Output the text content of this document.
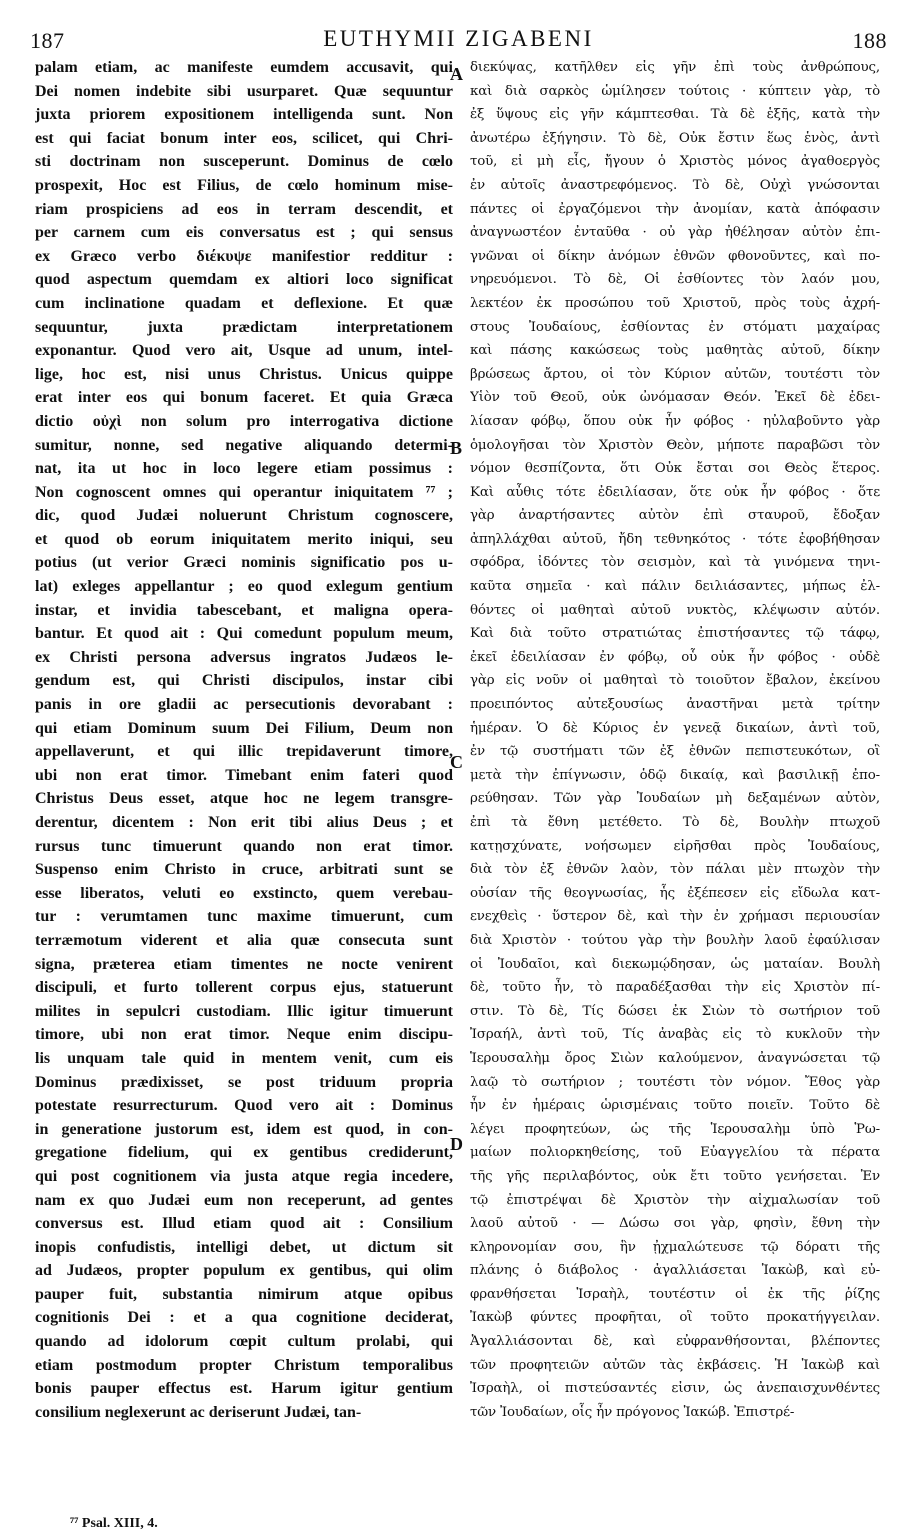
187	EUTHYMII ZIGABENI	188
palam etiam, ac manifeste eumdem accusavit, qui
Dei nomen indebite sibi usurparet. Quæ sequuntur
juxta priorem expositionem intelligenda sunt. Non
est qui faciat bonum inter eos, scilicet, qui Chri-
sti doctrinam non susceperunt. Dominus de cœlo
prospexit, Hoc est Filius, de cœlo hominum mise-
riam prospiciens ad eos in terram descendit, et
per carnem cum eis conversatus est ; qui sensus
ex Græco verbo διέκυψε manifestior redditur :
quod aspectum quemdam ex altiori loco significat
cum inclinatione quadam et deflexione. Et quæ
sequuntur, juxta prædictam interpretationem
exponantur. Quod vero ait, Usque ad unum, intel-
lige, hoc est, nisi unus Christus. Unicus quippe
erat inter eos qui bonum faceret. Et quia Græca
dictio οὐχὶ non solum pro interrogativa dictione
sumitur, nonne, sed negative aliquando determi-
nat, ita ut hoc in loco legere etiam possimus :
Non cognoscent omnes qui operantur iniquitatem ⁷⁷ ;
dic, quod Judæi noluerunt Christum cognoscere,
et quod ob eorum iniquitatem merito iniqui, seu
potius (ut verior Græci nominis significatio pos u-
lat) exleges appellantur ; eo quod exlegum gentium
instar, et invidia tabescebant, et maligna opera-
bantur. Et quod ait : Qui comedunt populum meum,
ex Christi persona adversus ingratos Judæos le-
gendum est, qui Christi discipulos, instar cibi
panis in ore gladii ac persecutionis devorabant :
qui etiam Dominum suum Dei Filium, Deum non
appellaverunt, et qui illic trepidaverunt timore,
ubi non erat timor. Timebant enim fateri quod
Christus Deus esset, atque hoc ne legem transgre-
derentur, dicentem : Non erit tibi alius Deus ; et
rursus tunc timuerunt quando non erat timor.
Suspenso enim Christo in cruce, arbitrati sunt se
esse liberatos, veluti eo exstincto, quem verebau-
tur : verumtamen tunc maxime timuerunt, cum
terræmotum viderent et alia quæ consecuta sunt
signa, præterea etiam timentes ne nocte venirent
discipuli, et furto tollerent corpus ejus, statuerunt
milites in sepulcri custodiam. Illic igitur timuerunt
timore, ubi non erat timor. Neque enim discipu-
lis unquam tale quid in mentem venit, cum eis
Dominus prædixisset, se post triduum propria
potestate resurrecturum. Quod vero ait : Dominus
in generatione justorum est, idem est quod, in con-
gregatione fidelium, qui ex gentibus crediderunt,
qui post cognitionem via justa atque regia incedere,
nam ex quo Judæi eum non receperunt, ad gentes
conversus est. Illud etiam quod ait : Consilium
inopis confudistis, intelligi debet, ut dictum sit
ad Judæos, propter populum ex gentibus, qui olim
pauper fuit, substantia nimirum atque opibus
cognitionis Dei : et a qua cognitione deciderat,
quando ad idolorum cœpit cultum prolabi, qui
etiam postmodum propter Christum temporalibus
bonis pauper effectus est. Harum igitur gentium
consilium neglexerunt ac deriserunt Judæi, tan-
A
B
C
D
διεκύψας, κατῆλθεν εἰς γῆν ἐπὶ τοὺς ἀνθρώπους,
καὶ διὰ σαρκὸς ὡμίλησεν τούτοις · κύπτειν γὰρ, τὸ
ἐξ ὕψους εἰς γῆν κάμπτεσθαι. Τὰ δὲ ἑξῆς, κατὰ τὴν
ἀνωτέρω ἐξήγησιν. Τὸ δὲ, Οὐκ ἔστιν ἕως ἑνὸς, ἀντὶ
τοῦ, εἰ μὴ εἷς, ἤγουν ὁ Χριστὸς μόνος ἀγαθοεργὸς
ἐν αὐτοῖς ἀναστρεφόμενος. Τὸ δὲ, Οὐχὶ γνώσονται
πάντες οἱ ἐργαζόμενοι τὴν ἀνομίαν, κατὰ ἀπόφασιν
ἀναγνωστέον ἐνταῦθα · οὐ γὰρ ἠθέλησαν αὐτὸν ἐπι-
γνῶναι οἱ δίκην ἀνόμων ἐθνῶν φθονοῦντες, καὶ πο-
νηρευόμενοι. Τὸ δὲ, Οἱ ἐσθίοντες τὸν λαόν μου,
λεκτέον ἐκ προσώπου τοῦ Χριστοῦ, πρὸς τοὺς ἀχρή-
στους Ἰουδαίους, ἐσθίοντας ἐν στόματι μαχαίρας
καὶ πάσης κακώσεως τοὺς μαθητὰς αὐτοῦ, δίκην
βρώσεως ἄρτου, οἱ τὸν Κύριον αὐτῶν, τουτέστι τὸν
Υἱὸν τοῦ Θεοῦ, οὐκ ὠνόμασαν Θεόν. Ἐκεῖ δὲ ἐδει-
λίασαν φόβῳ, ὅπου οὐκ ἦν φόβος · ηὐλαβοῦντο γὰρ
ὁμολογῆσαι τὸν Χριστὸν Θεὸν, μήποτε παραβῶσι τὸν
νόμον θεσπίζοντα, ὅτι Οὐκ ἔσται σοι Θεὸς ἕτερος.
Καὶ αὖθις τότε ἐδειλίασαν, ὅτε οὐκ ἦν φόβος · ὅτε
γὰρ ἀναρτήσαντες αὐτὸν ἐπὶ σταυροῦ, ἔδοξαν
ἀπηλλάχθαι αὐτοῦ, ἤδη τεθνηκότος · τότε ἐφοβήθησαν
σφόδρα, ἰδόντες τὸν σεισμὸν, καὶ τὰ γινόμενα τηνι-
καῦτα σημεῖα · καὶ πάλιν δειλιάσαντες, μήπως ἐλ-
θόντες οἱ μαθηταὶ αὐτοῦ νυκτὸς, κλέψωσιν αὐτόν.
Καὶ διὰ τοῦτο στρατιώτας ἐπιστήσαντες τῷ τάφῳ,
ἐκεῖ ἐδειλίασαν ἐν φόβῳ, οὗ οὐκ ἦν φόβος · οὐδὲ
γὰρ εἰς νοῦν οἱ μαθηταὶ τὸ τοιοῦτον ἔβαλον, ἐκείνου
προειπόντος αὐτεξουσίως ἀναστῆναι μετὰ τρίτην
ἡμέραν. Ὁ δὲ Κύριος ἐν γενεᾷ δικαίων, ἀντὶ τοῦ,
ἐν τῷ συστήματι τῶν ἐξ ἐθνῶν πεπιστευκότων, οἳ
μετὰ τὴν ἐπίγνωσιν, ὁδῷ δικαίᾳ, καὶ βασιλικῇ ἐπο-
ρεύθησαν. Τῶν γὰρ Ἰουδαίων μὴ δεξαμένων αὐτὸν,
ἐπὶ τὰ ἔθνη μετέθετο. Τὸ δὲ, Βουλὴν πτωχοῦ
κατῃσχύνατε, νοήσωμεν εἰρῆσθαι πρὸς Ἰουδαίους,
διὰ τὸν ἐξ ἐθνῶν λαὸν, τὸν πάλαι μὲν πτωχὸν τὴν
οὐσίαν τῆς θεογνωσίας, ἧς ἐξέπεσεν εἰς εἴδωλα κατ-
ενεχθεὶς · ὕστερον δὲ, καὶ τὴν ἐν χρήμασι περιουσίαν
διὰ Χριστὸν · τούτου γὰρ τὴν βουλὴν λαοῦ ἐφαύλισαν
οἱ Ἰουδαῖοι, καὶ διεκωμῴδησαν, ὡς ματαίαν. Βουλὴ
δὲ, τοῦτο ἦν, τὸ παραδέξασθαι τὴν εἰς Χριστὸν πί-
στιν. Τὸ δὲ, Τίς δώσει ἐκ Σιὼν τὸ σωτήριον τοῦ
Ἰσραήλ, ἀντὶ τοῦ, Τίς ἀναβὰς εἰς τὸ κυκλοῦν τὴν
Ἱερουσαλὴμ ὄρος Σιὼν καλούμενον, ἀναγνώσεται τῷ
λαῷ τὸ σωτήριον ; τουτέστι τὸν νόμον. Ἔθος γὰρ
ἦν ἐν ἡμέραις ὡρισμέναις τοῦτο ποιεῖν. Τοῦτο δὲ
λέγει προφητεύων, ὡς τῆς Ἱερουσαλὴμ ὑπὸ Ῥω-
μαίων πολιορκηθείσης, τοῦ Εὐαγγελίου τὰ πέρατα
τῆς γῆς περιλαβόντος, οὐκ ἔτι τοῦτο γενήσεται. Ἐν
τῷ ἐπιστρέψαι δὲ Χριστὸν τὴν αἰχμαλωσίαν τοῦ
λαοῦ αὐτοῦ · — Δώσω σοι γὰρ, φησὶν, ἔθνη τὴν
κληρονομίαν σου, ἣν ᾐχμαλώτευσε τῷ δόρατι τῆς
πλάνης ὁ διάβολος · ἀγαλλιάσεται Ἰακὼβ, καὶ εὐ-
φρανθήσεται Ἰσραὴλ, τουτέστιν οἱ ἐκ τῆς ῥίζης
Ἰακὼβ φύντες προφῆται, οἳ τοῦτο προκατήγγειλαν.
Ἀγαλλιάσονται δὲ, καὶ εὐφρανθήσονται, βλέποντες
τῶν προφητειῶν αὐτῶν τὰς ἐκβάσεις. Ἡ Ἰακὼβ καὶ
Ἰσραὴλ, οἱ πιστεύσαντές εἰσιν, ὡς ἀνεπαισχυνθέντες
τῶν Ἰουδαίων, οἷς ἦν πρόγονος Ἰακώβ. Ἐπιστρέ-
⁷⁷ Psal. XIII, 4.
